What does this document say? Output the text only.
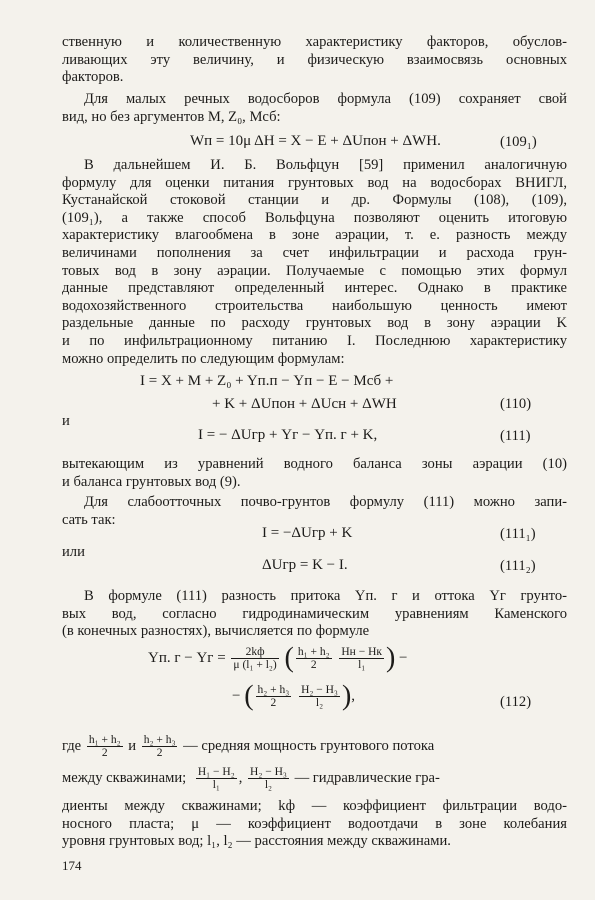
ственную и количественную характеристику факторов, обуслов-
ливающих эту величину, и физическую взаимосвязь основных
факторов.
Для малых речных водосборов формула (109) сохраняет свой
вид, но без аргументов M, Z₀, Mсб:
Wп = 10μ ΔH = X − E + ΔUпон + ΔWH.	(109₁)
В дальнейшем И. Б. Вольфцун [59] применил аналогичную
формулу для оценки питания грунтовых вод на водосборах ВНИГЛ,
Кустанайской стоковой станции и др. Формулы (108), (109),
(109₁), а также способ Вольфцуна позволяют оценить итоговую
характеристику влагообмена в зоне аэрации, т. е. разность между
величинами пополнения за счет инфильтрации и расхода грун-
товых вод в зону аэрации. Получаемые с помощью этих формул
данные представляют определенный интерес. Однако в практике
водохозяйственного строительства наибольшую ценность имеют
раздельные данные по расходу грунтовых вод в зону аэрации K
и по инфильтрационному питанию I. Последнюю характеристику
можно определить по следующим формулам:
I = X + M + Z₀ + Yп.п − Yп − E − Mсб +
+ K + ΔUпон + ΔUсн + ΔWH	(110)
и
I = − ΔUгр + Yг − Yп. г + K,	(111)
вытекающим из уравнений водного баланса зоны аэрации (10)
и баланса грунтовых вод (9).
Для слабоотточных почво-грунтов формулу (111) можно запи-
сать так:
I = −ΔUгр + K	(111₁)
или
ΔUгр = K − I.	(111₂)
В формуле (111) разность притока Yп. г и оттока Yг грунто-
вых вод, согласно гидродинамическим уравнениям Каменского
(в конечных разностях), вычисляется по формуле
Yп. г − Yг = $\frac{2kф}{\text{μ (l₁ + l₂)}}$ ( $\frac{\text{h₁ + h₂}}{2}$
$\frac{Hн - Hк}{\text{l₁}}$ ) −
− ( $\frac{\text{h₂ + h₃}}{2}$
$\frac{\text{H₂ − H₃}}{\text{l₂}}$ ),	(112)
где $\frac{\text{h₁ + h₂}}{2}$ и $\frac{\text{h₂ + h₃}}{2}$ — средняя мощность грунтового потока
между скважинами; $\frac{\text{H₁ − H₂}}{\text{l₁}}$ , $\frac{\text{H₂ − H₃}}{\text{l₂}}$ — гидравлические гра-
диенты между скважинами; kф — коэффициент фильтрации водо-
носного пласта; μ — коэффициент водоотдачи в зоне колебания
уровня грунтовых вод; l₁, l₂ — расстояния между скважинами.
174
